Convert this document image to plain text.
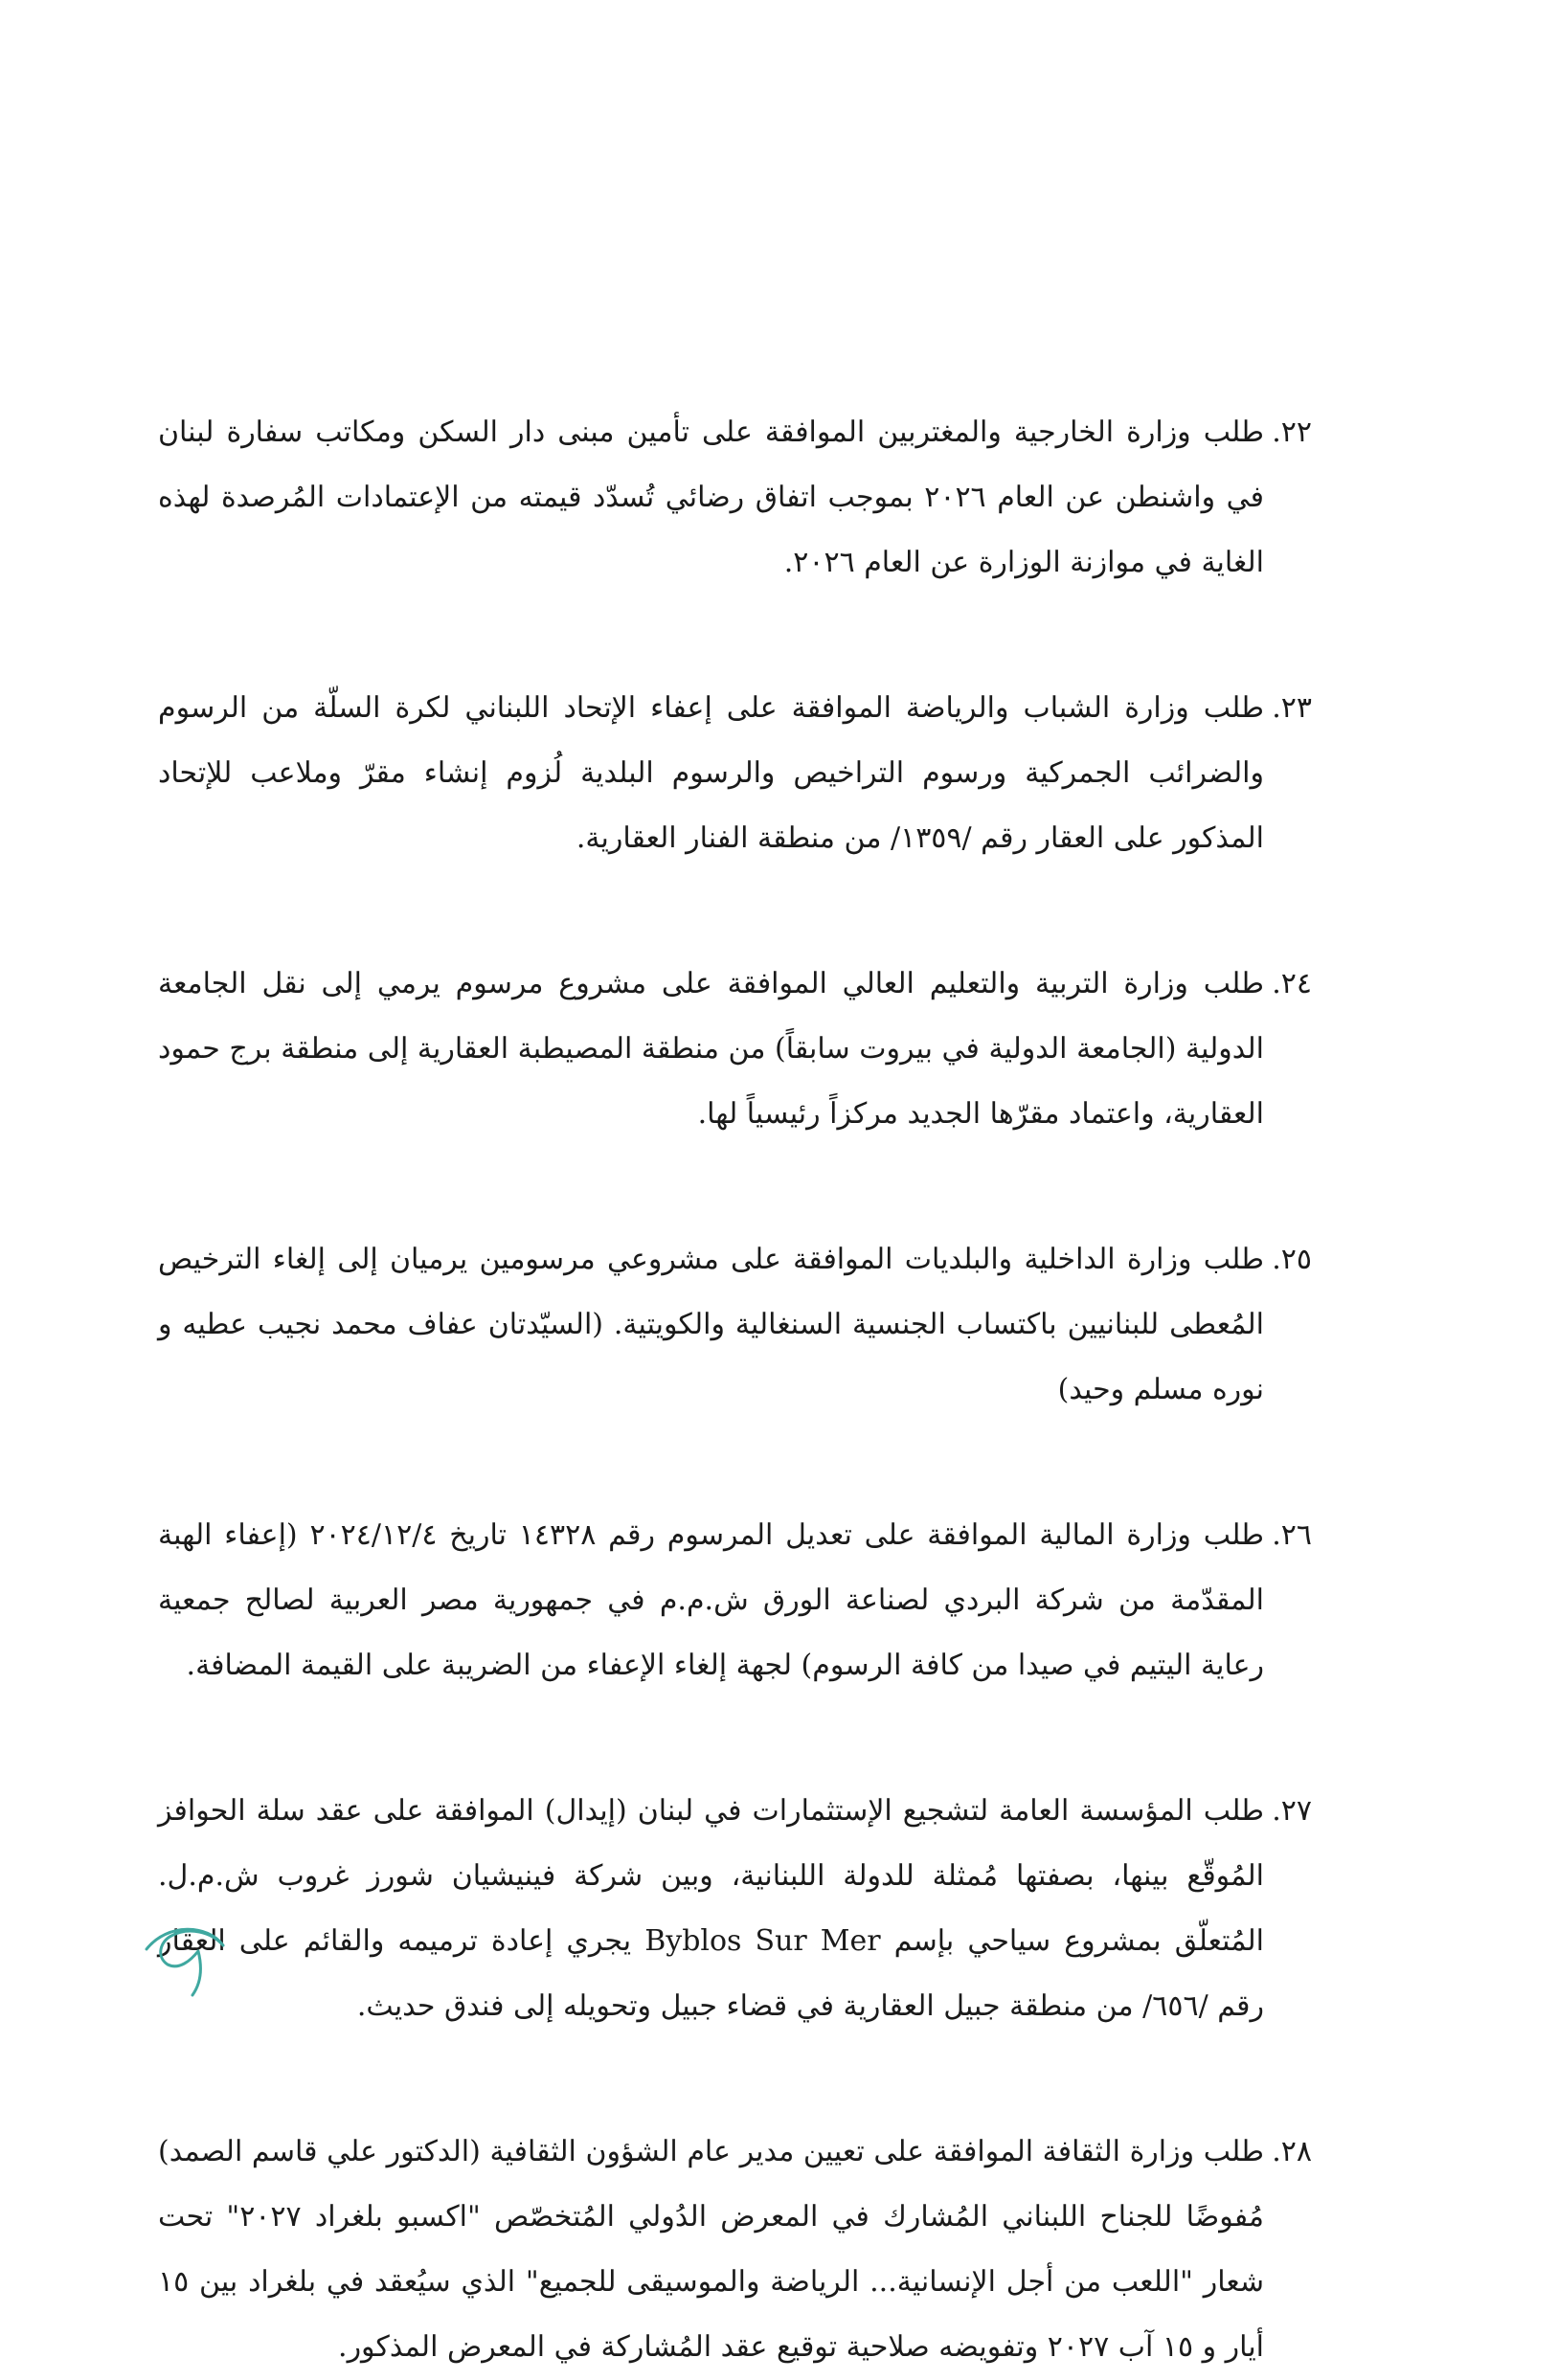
٢٢.
طلب وزارة الخارجية والمغتربين الموافقة على تأمين مبنى دار السكن ومكاتب سفارة لبنان في واشنطن عن العام ٢٠٢٦ بموجب اتفاق رضائي تُسدّد قيمته من الإعتمادات المُرصدة لهذه الغاية في موازنة الوزارة عن العام ٢٠٢٦.
٢٣.
طلب وزارة الشباب والرياضة الموافقة على إعفاء الإتحاد اللبناني لكرة السلّة من الرسوم والضرائب الجمركية ورسوم التراخيص والرسوم البلدية لُزوم إنشاء مقرّ وملاعب للإتحاد المذكور على العقار رقم /١٣٥٩/ من منطقة الفنار العقارية.
٢٤.
طلب وزارة التربية والتعليم العالي الموافقة على مشروع مرسوم يرمي إلى نقل الجامعة الدولية (الجامعة الدولية في بيروت سابقاً) من منطقة المصيطبة العقارية إلى منطقة برج حمود العقارية، واعتماد مقرّها الجديد مركزاً رئيسياً لها.
٢٥.
طلب وزارة الداخلية والبلديات الموافقة على مشروعي مرسومين يرميان إلى إلغاء الترخيص المُعطى للبنانيين باكتساب الجنسية السنغالية والكويتية. (السيّدتان عفاف محمد نجيب عطيه و نوره مسلم وحيد)
٢٦.
طلب وزارة المالية الموافقة على تعديل المرسوم رقم ١٤٣٢٨ تاريخ ٢٠٢٤/١٢/٤ (إعفاء الهبة المقدّمة من شركة البردي لصناعة الورق ش.م.م في جمهورية مصر العربية لصالح جمعية رعاية اليتيم في صيدا من كافة الرسوم) لجهة إلغاء الإعفاء من الضريبة على القيمة المضافة.
٢٧.
طلب المؤسسة العامة لتشجيع الإستثمارات في لبنان (إيدال) الموافقة على عقد سلة الحوافز المُوقّع بينها، بصفتها مُمثلة للدولة اللبنانية، وبين شركة فينيشيان شورز غروب ش.م.ل. المُتعلّق بمشروع سياحي بإسم Byblos Sur Mer يجري إعادة ترميمه والقائم على العقار رقم /٦٥٦/ من منطقة جبيل العقارية في قضاء جبيل وتحويله إلى فندق حديث.
٢٨.
طلب وزارة الثقافة الموافقة على تعيين مدير عام الشؤون الثقافية (الدكتور علي قاسم الصمد) مُفوضًا للجناح اللبناني المُشارك في المعرض الدُولي المُتخصّص "اكسبو بلغراد ٢٠٢٧" تحت شعار "اللعب من أجل الإنسانية... الرياضة والموسيقى للجميع" الذي سيُعقد في بلغراد بين ١٥ أيار و ١٥ آب ٢٠٢٧ وتفويضه صلاحية توقيع عقد المُشاركة في المعرض المذكور.
